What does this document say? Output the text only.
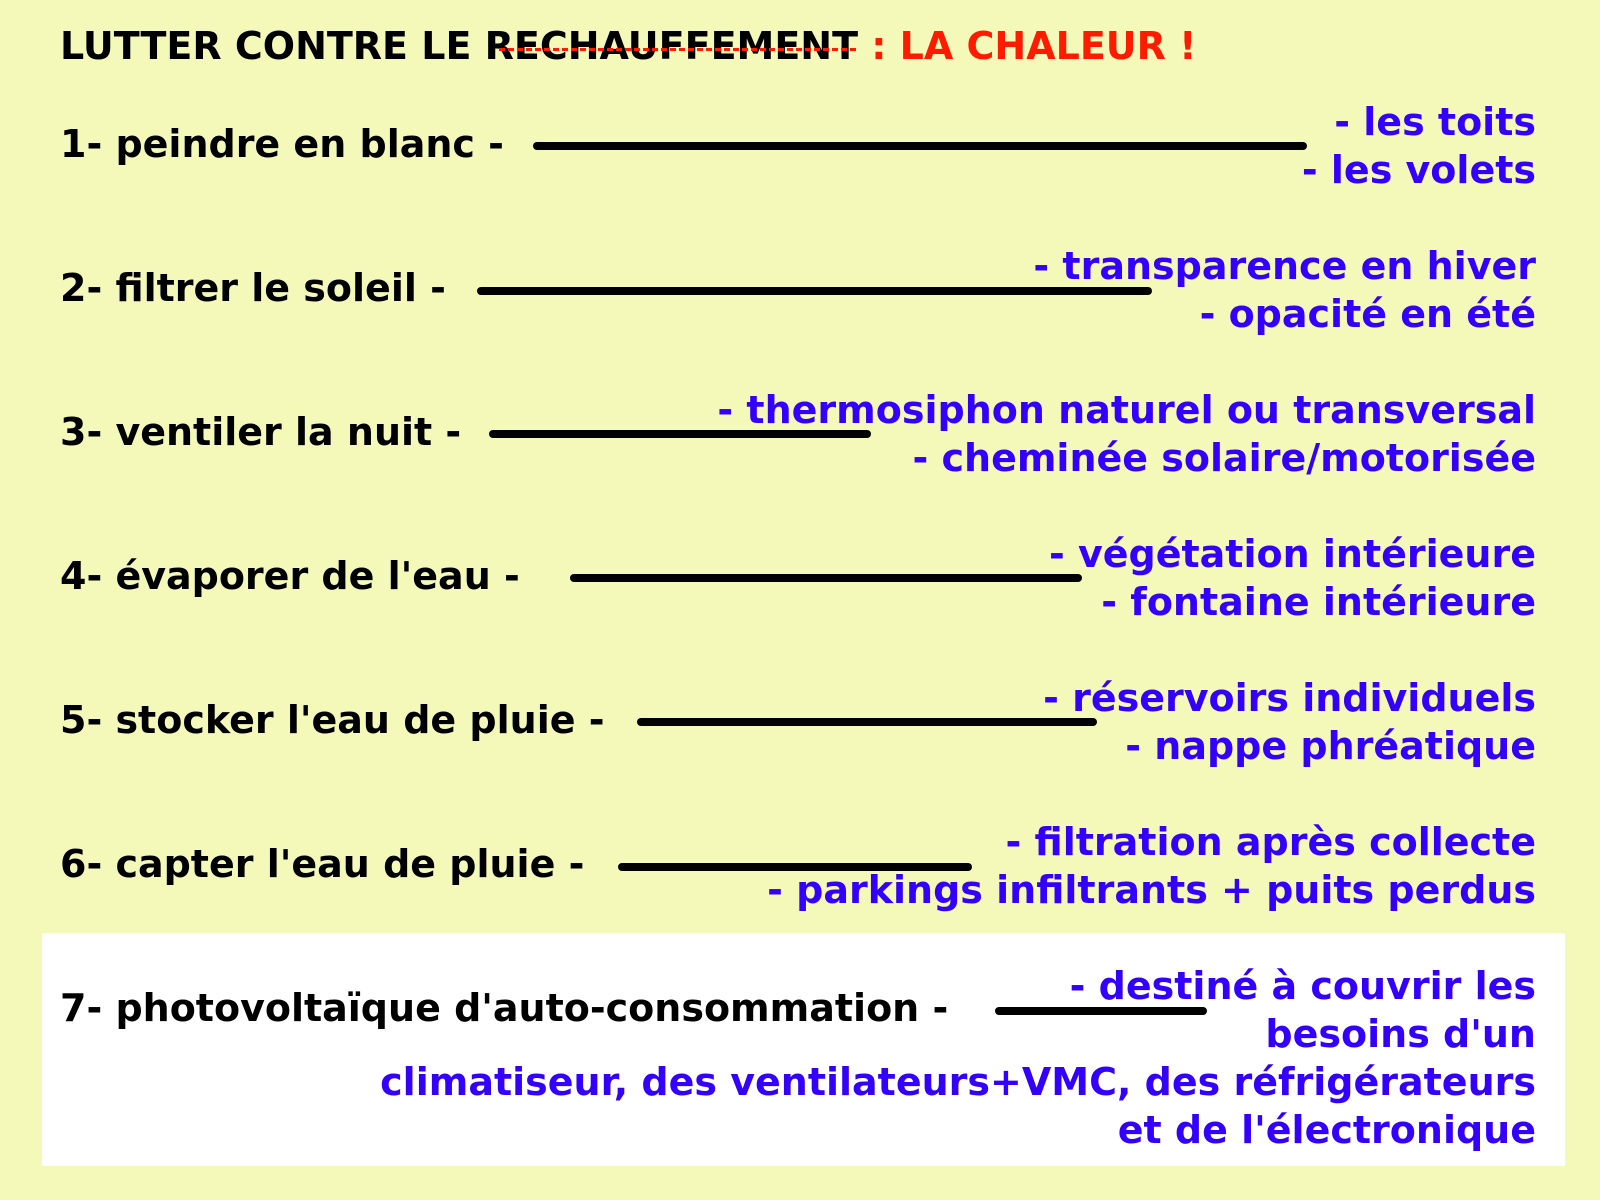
LUTTER CONTRE LE RECHAUFFEMENT : LA CHALEUR !
1- peindre en blanc -	- les toits
- les volets
2- filtrer le soleil -	- transparence en hiver
- opacité en été
3- ventiler la nuit -	- thermosiphon naturel ou transversal
- cheminée solaire/motorisée
4- évaporer de l'eau -	- végétation intérieure
- fontaine intérieure
5- stocker l'eau de pluie -	- réservoirs individuels
- nappe phréatique
6- capter l'eau de pluie -	- filtration après collecte
- parkings infiltrants + puits perdus
7- photovoltaïque d'auto-consommation -	- destiné à couvrir les
besoins d'un
climatiseur, des ventilateurs+VMC, des réfrigérateurs
et de l'électronique
